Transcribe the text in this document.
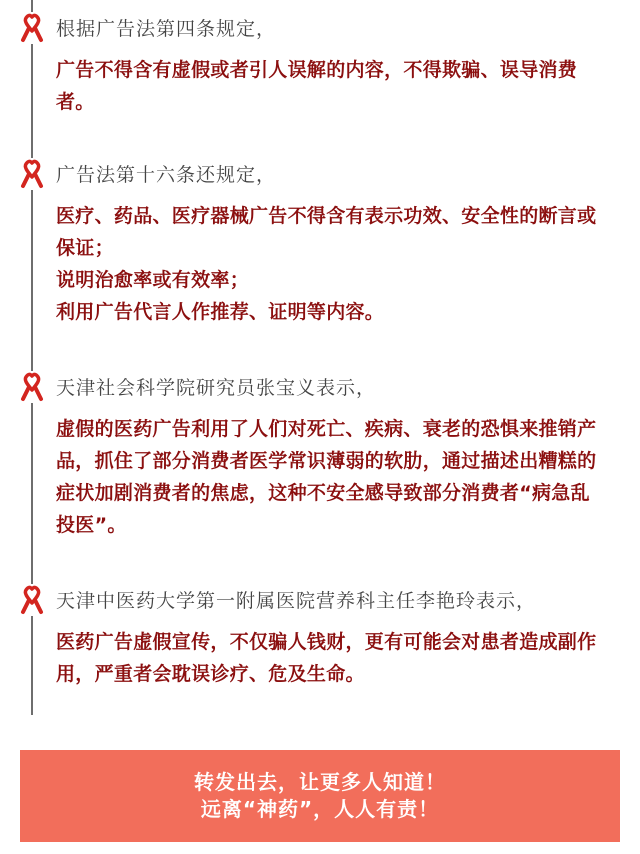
根据广告法第四条规定，

广告不得含有虚假或者引人误解的内容，不得欺骗、误导消费者。

广告法第十六条还规定，

医疗、药品、医疗器械广告不得含有表示功效、安全性的断言或保证；

说明治愈率或有效率；

利用广告代言人作推荐、证明等内容。

天津社会科学院研究员张宝义表示，

虚假的医药广告利用了人们对死亡、疾病、衰老的恐惧来推销产品，抓住了部分消费者医学常识薄弱的软肋，通过描述出糟糕的症状加剧消费者的焦虑，这种不安全感导致部分消费者“病急乱投医”。

天津中医药大学第一附属医院营养科主任李艳玲表示，

医药广告虚假宣传，不仅骗人钱财，更有可能会对患者造成副作用，严重者会耽误诊疗、危及生命。

转发出去，让更多人知道！
远离“神药”，人人有责！
